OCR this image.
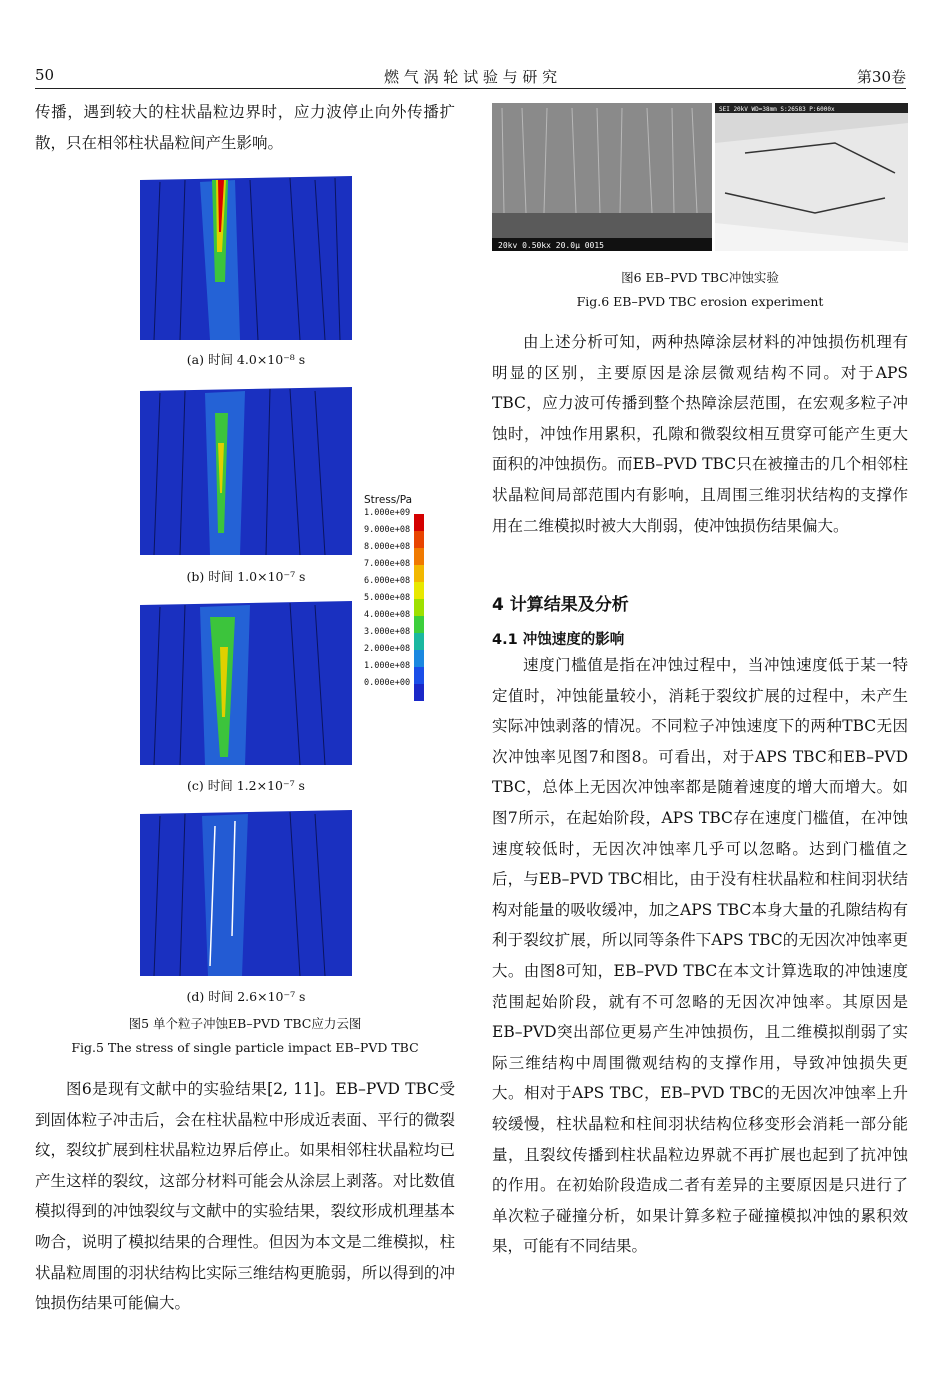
50	燃 气 涡 轮 试 验 与 研 究	第30卷

传播，遇到较大的柱状晶粒边界时，应力波停止向外传播扩散，只在相邻柱状晶粒间产生影响。

(a) 时间 4.0×10⁻⁸ s
(b) 时间 1.0×10⁻⁷ s
(c) 时间 1.2×10⁻⁷ s
(d) 时间 2.6×10⁻⁷ s
Stress/Pa
1.000e+09
9.000e+08
8.000e+08
7.000e+08
6.000e+08
5.000e+08
4.000e+08
3.000e+08
2.000e+08
1.000e+08
0.000e+00
图5 单个粒子冲蚀EB–PVD TBC应力云图
Fig.5 The stress of single particle impact EB–PVD TBC

图6是现有文献中的实验结果[2, 11]。EB–PVD TBC受到固体粒子冲击后，会在柱状晶粒中形成近表面、平行的微裂纹，裂纹扩展到柱状晶粒边界后停止。如果相邻柱状晶粒均已产生这样的裂纹，这部分材料可能会从涂层上剥落。对比数值模拟得到的冲蚀裂纹与文献中的实验结果，裂纹形成机理基本吻合，说明了模拟结果的合理性。但因为本文是二维模拟，柱状晶粒周围的羽状结构比实际三维结构更脆弱，所以得到的冲蚀损伤结果可能偏大。

20kv 0.50kx 20.0μ 0015
SEI 20kV WD=38mm S:26583 P:6000x
图6 EB–PVD TBC冲蚀实验
Fig.6 EB–PVD TBC erosion experiment

由上述分析可知，两种热障涂层材料的冲蚀损伤机理有明显的区别，主要原因是涂层微观结构不同。对于APS TBC，应力波可传播到整个热障涂层范围，在宏观多粒子冲蚀时，冲蚀作用累积，孔隙和微裂纹相互贯穿可能产生更大面积的冲蚀损伤。而EB–PVD TBC只在被撞击的几个相邻柱状晶粒间局部范围内有影响，且周围三维羽状结构的支撑作用在二维模拟时被大大削弱，使冲蚀损伤结果偏大。

4 计算结果及分析
4.1 冲蚀速度的影响

速度门槛值是指在冲蚀过程中，当冲蚀速度低于某一特定值时，冲蚀能量较小，消耗于裂纹扩展的过程中，未产生实际冲蚀剥落的情况。不同粒子冲蚀速度下的两种TBC无因次冲蚀率见图7和图8。可看出，对于APS TBC和EB–PVD TBC，总体上无因次冲蚀率都是随着速度的增大而增大。如图7所示，在起始阶段，APS TBC存在速度门槛值，在冲蚀速度较低时，无因次冲蚀率几乎可以忽略。达到门槛值之后，与EB–PVD TBC相比，由于没有柱状晶粒和柱间羽状结构对能量的吸收缓冲，加之APS TBC本身大量的孔隙结构有利于裂纹扩展，所以同等条件下APS TBC的无因次冲蚀率更大。由图8可知，EB–PVD TBC在本文计算选取的冲蚀速度范围起始阶段，就有不可忽略的无因次冲蚀率。其原因是EB–PVD突出部位更易产生冲蚀损伤，且二维模拟削弱了实际三维结构中周围微观结构的支撑作用，导致冲蚀损失更大。相对于APS TBC，EB–PVD TBC的无因次冲蚀率上升较缓慢，柱状晶粒和柱间羽状结构位移变形会消耗一部分能量，且裂纹传播到柱状晶粒边界就不再扩展也起到了抗冲蚀的作用。在初始阶段造成二者有差异的主要原因是只进行了单次粒子碰撞分析，如果计算多粒子碰撞模拟冲蚀的累积效果，可能有不同结果。
